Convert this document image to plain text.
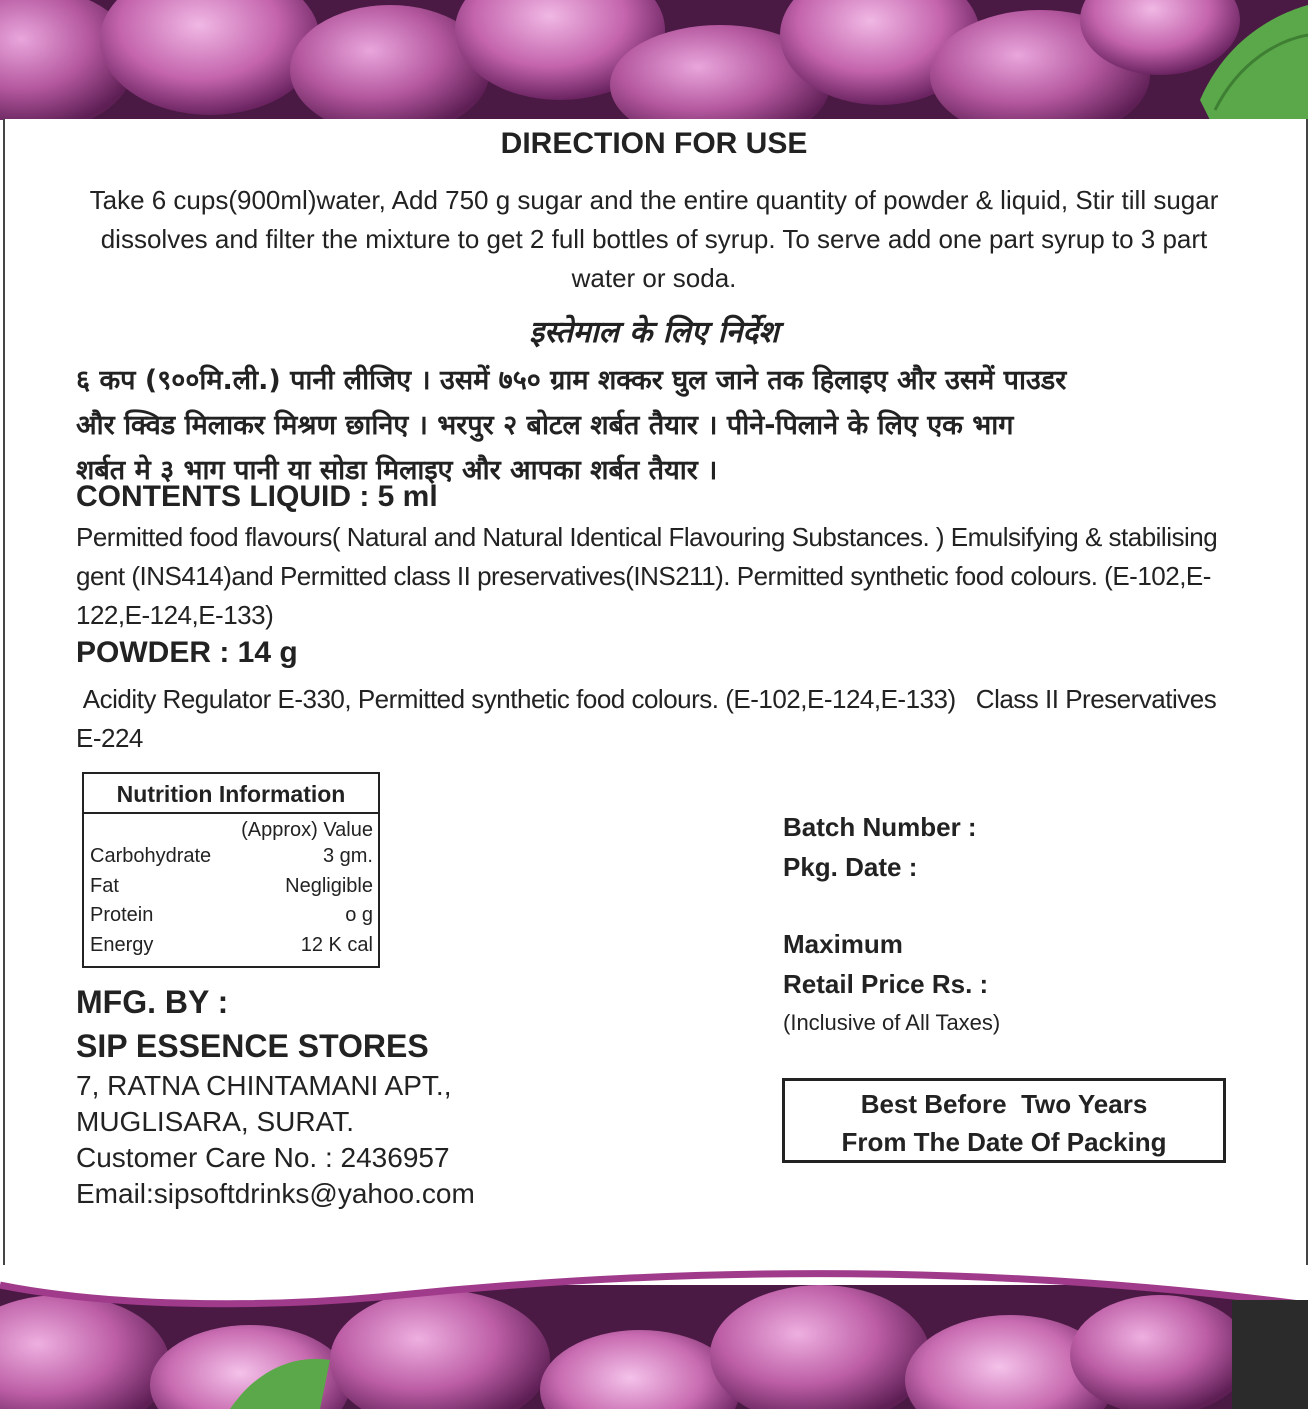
DIRECTION FOR USE
Take 6 cups(900ml)water, Add 750 g sugar and the entire quantity of powder & liquid, Stir till sugar dissolves and filter the mixture to get 2 full bottles of syrup. To serve add one part syrup to 3 part water or soda.
इस्तेमाल के लिए निर्देश
६ कप (९००मि.ली.) पानी लीजिए । उसमें ७५० ग्राम शक्कर घुल जाने तक हिलाइए और उसमें पाउडर
और क्विड मिलाकर मिश्रण छानिए । भरपुर २ बोटल शर्बत तैयार । पीने-पिलाने के लिए एक भाग
शर्बत मे ३ भाग पानी या सोडा मिलाइए और आपका शर्बत तैयार ।
CONTENTS LIQUID : 5 ml
Permitted food flavours( Natural and Natural Identical Flavouring Substances. ) Emulsifying & stabilising gent (INS414)and Permitted class II preservatives(INS211). Permitted synthetic food colours. (E-102,E-122,E-124,E-133)
POWDER : 14 g
Acidity Regulator E-330, Permitted synthetic food colours. (E-102,E-124,E-133)   Class II Preservatives E-224
Nutrition Information
(Approx) Value
Carbohydrate	3 gm.
Fat	Negligible
Protein	o g
Energy	12 K cal
MFG. BY :
SIP ESSENCE STORES
7, RATNA CHINTAMANI APT.,
MUGLISARA, SURAT.
Customer Care No. : 2436957
Email:sipsoftdrinks@yahoo.com
Batch Number :
Pkg. Date :
Maximum
Retail Price Rs. :
(Inclusive of All Taxes)
Best Before  Two Years
From The Date Of Packing
